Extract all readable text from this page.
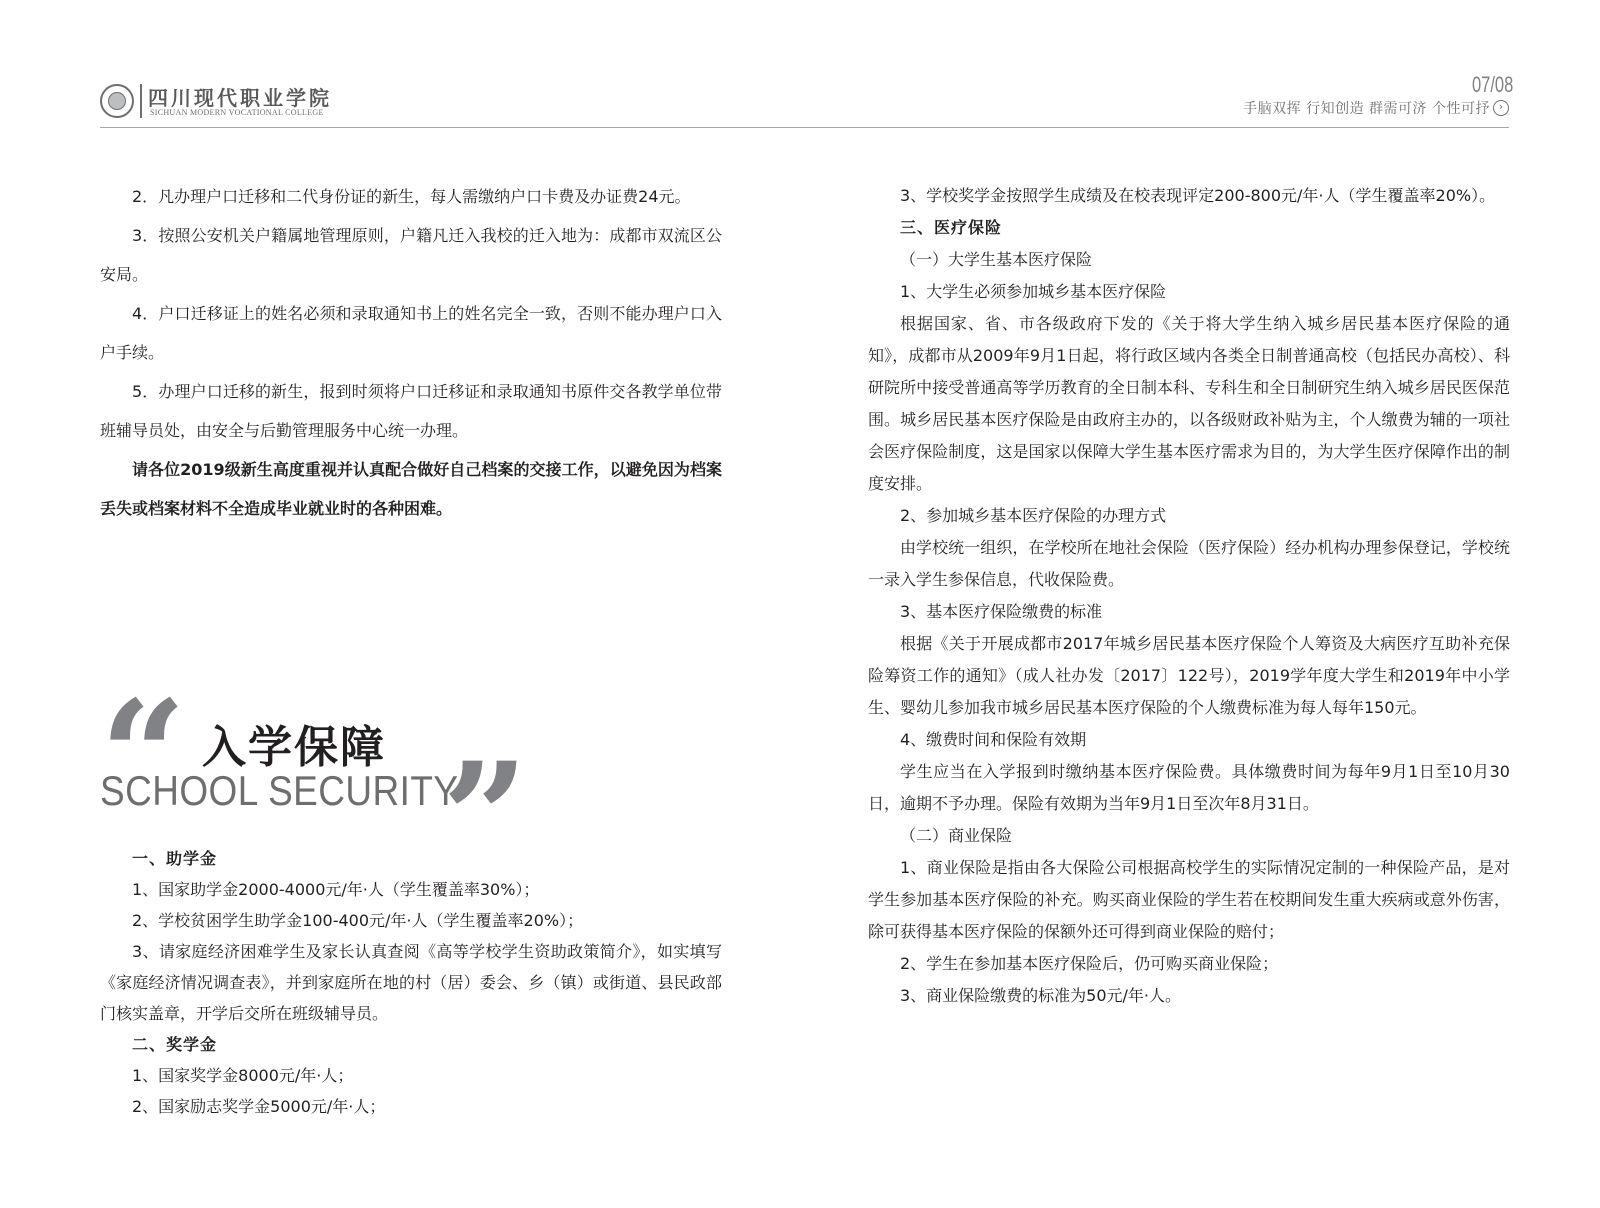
四川现代职业学院
SICHUAN MODERN VOCATIONAL COLLEGE
07/08
手脑双挥 行知创造 群需可济 个性可抒 ›

2．凡办理户口迁移和二代身份证的新生，每人需缴纳户口卡费及办证费24元。

3．按照公安机关户籍属地管理原则，户籍凡迁入我校的迁入地为：成都市双流区公安局。

4．户口迁移证上的姓名必须和录取通知书上的姓名完全一致，否则不能办理户口入户手续。

5．办理户口迁移的新生，报到时须将户口迁移证和录取通知书原件交各教学单位带班辅导员处，由安全与后勤管理服务中心统一办理。

请各位2019级新生高度重视并认真配合做好自己档案的交接工作，以避免因为档案丢失或档案材料不全造成毕业就业时的各种困难。

“ 入学保障
SCHOOL SECURITY
”

一、助学金

1、国家助学金2000-4000元/年·人（学生覆盖率30%）；

2、学校贫困学生助学金100-400元/年·人（学生覆盖率20%）；

3、请家庭经济困难学生及家长认真查阅《高等学校学生资助政策简介》，如实填写《家庭经济情况调查表》，并到家庭所在地的村（居）委会、乡（镇）或街道、县民政部门核实盖章，开学后交所在班级辅导员。

二、奖学金

1、国家奖学金8000元/年·人；

2、国家励志奖学金5000元/年·人；

3、学校奖学金按照学生成绩及在校表现评定200-800元/年·人（学生覆盖率20%）。

三、医疗保险

（一）大学生基本医疗保险

1、大学生必须参加城乡基本医疗保险

根据国家、省、市各级政府下发的《关于将大学生纳入城乡居民基本医疗保险的通知》，成都市从2009年9月1日起，将行政区域内各类全日制普通高校（包括民办高校）、科研院所中接受普通高等学历教育的全日制本科、专科生和全日制研究生纳入城乡居民医保范围。城乡居民基本医疗保险是由政府主办的，以各级财政补贴为主，个人缴费为辅的一项社会医疗保险制度，这是国家以保障大学生基本医疗需求为目的，为大学生医疗保障作出的制度安排。

2、参加城乡基本医疗保险的办理方式

由学校统一组织，在学校所在地社会保险（医疗保险）经办机构办理参保登记，学校统一录入学生参保信息，代收保险费。

3、基本医疗保险缴费的标准

根据《关于开展成都市2017年城乡居民基本医疗保险个人筹资及大病医疗互助补充保险筹资工作的通知》（成人社办发〔2017〕122号），2019学年度大学生和2019年中小学生、婴幼儿参加我市城乡居民基本医疗保险的个人缴费标准为每人每年150元。

4、缴费时间和保险有效期

学生应当在入学报到时缴纳基本医疗保险费。具体缴费时间为每年9月1日至10月30日，逾期不予办理。保险有效期为当年9月1日至次年8月31日。

（二）商业保险

1、商业保险是指由各大保险公司根据高校学生的实际情况定制的一种保险产品，是对学生参加基本医疗保险的补充。购买商业保险的学生若在校期间发生重大疾病或意外伤害，除可获得基本医疗保险的保额外还可得到商业保险的赔付；

2、学生在参加基本医疗保险后，仍可购买商业保险；

3、商业保险缴费的标准为50元/年·人。
